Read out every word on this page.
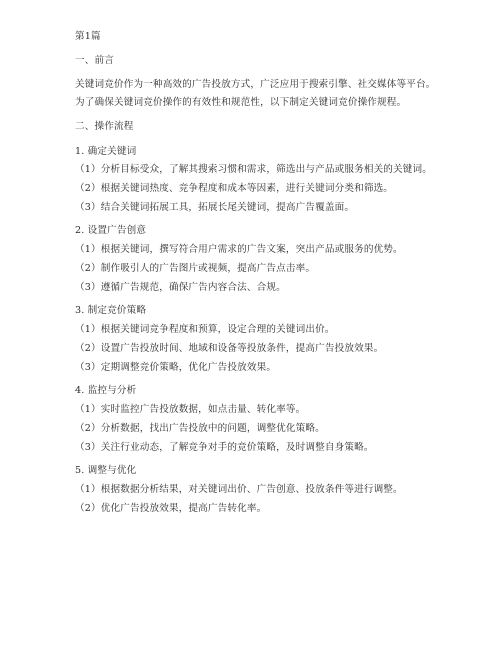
第1篇
一、前言
关键词竞价作为一种高效的广告投放方式，广泛应用于搜索引擎、社交媒体等平台。
为了确保关键词竞价操作的有效性和规范性，以下制定关键词竞价操作规程。
二、操作流程
1. 确定关键词
（1）分析目标受众，了解其搜索习惯和需求，筛选出与产品或服务相关的关键词。
（2）根据关键词热度、竞争程度和成本等因素，进行关键词分类和筛选。
（3）结合关键词拓展工具，拓展长尾关键词，提高广告覆盖面。
2. 设置广告创意
（1）根据关键词，撰写符合用户需求的广告文案，突出产品或服务的优势。
（2）制作吸引人的广告图片或视频，提高广告点击率。
（3）遵循广告规范，确保广告内容合法、合规。
3. 制定竞价策略
（1）根据关键词竞争程度和预算，设定合理的关键词出价。
（2）设置广告投放时间、地域和设备等投放条件，提高广告投放效果。
（3）定期调整竞价策略，优化广告投放效果。
4. 监控与分析
（1）实时监控广告投放数据，如点击量、转化率等。
（2）分析数据，找出广告投放中的问题，调整优化策略。
（3）关注行业动态，了解竞争对手的竞价策略，及时调整自身策略。
5. 调整与优化
（1）根据数据分析结果，对关键词出价、广告创意、投放条件等进行调整。
（2）优化广告投放效果，提高广告转化率。
